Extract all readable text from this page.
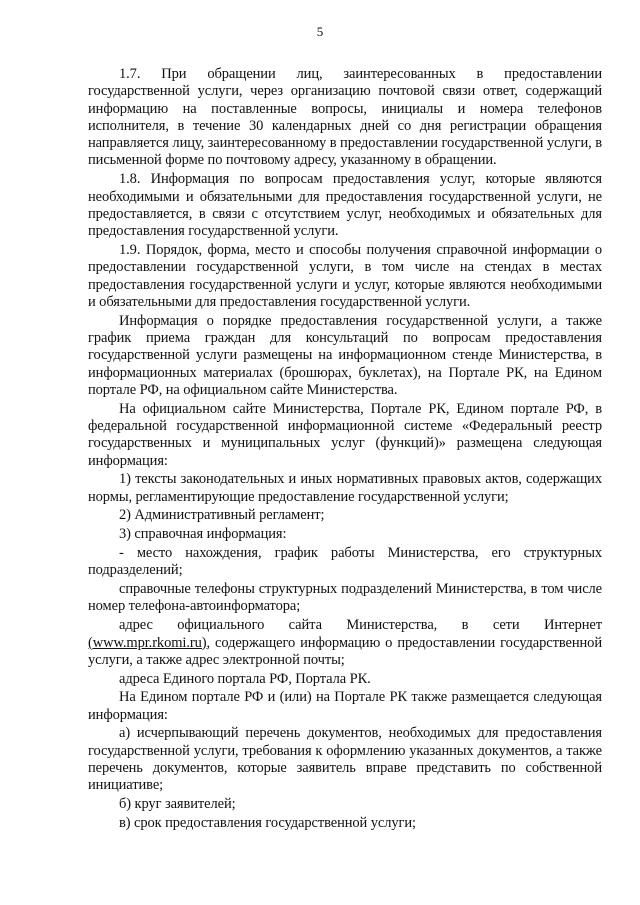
5

1.7. При обращении лиц, заинтересованных в предоставлении государственной услуги, через организацию почтовой связи ответ, содержащий информацию на поставленные вопросы, инициалы и номера телефонов исполнителя, в течение 30 календарных дней со дня регистрации обращения направляется лицу, заинтересованному в предоставлении государственной услуги, в письменной форме по почтовому адресу, указанному в обращении.

1.8. Информация по вопросам предоставления услуг, которые являются необходимыми и обязательными для предоставления государственной услуги, не предоставляется, в связи с отсутствием услуг, необходимых и обязательных для предоставления государственной услуги.

1.9. Порядок, форма, место и способы получения справочной информации о предоставлении государственной услуги, в том числе на стендах в местах предоставления государственной услуги и услуг, которые являются необходимыми и обязательными для предоставления государственной услуги.

Информация о порядке предоставления государственной услуги, а также график приема граждан для консультаций по вопросам предоставления государственной услуги размещены на информационном стенде Министерства, в информационных материалах (брошюрах, буклетах), на Портале РК, на Едином портале РФ, на официальном сайте Министерства.

На официальном сайте Министерства, Портале РК, Едином портале РФ, в федеральной государственной информационной системе «Федеральный реестр государственных и муниципальных услуг (функций)» размещена следующая информация:

1) тексты законодательных и иных нормативных правовых актов, содержащих нормы, регламентирующие предоставление государственной услуги;

2) Административный регламент;

3) справочная информация:

- место нахождения, график работы Министерства, его структурных подразделений;

справочные телефоны структурных подразделений Министерства, в том числе номер телефона-автоинформатора;

адрес официального сайта Министерства, в сети Интернет (www.mpr.rkomi.ru), содержащего информацию о предоставлении государственной услуги, а также адрес электронной почты;

адреса Единого портала РФ, Портала РК.

На Едином портале РФ и (или) на Портале РК также размещается следующая информация:

а) исчерпывающий перечень документов, необходимых для предоставления государственной услуги, требования к оформлению указанных документов, а также перечень документов, которые заявитель вправе представить по собственной инициативе;

б) круг заявителей;

в) срок предоставления государственной услуги;
